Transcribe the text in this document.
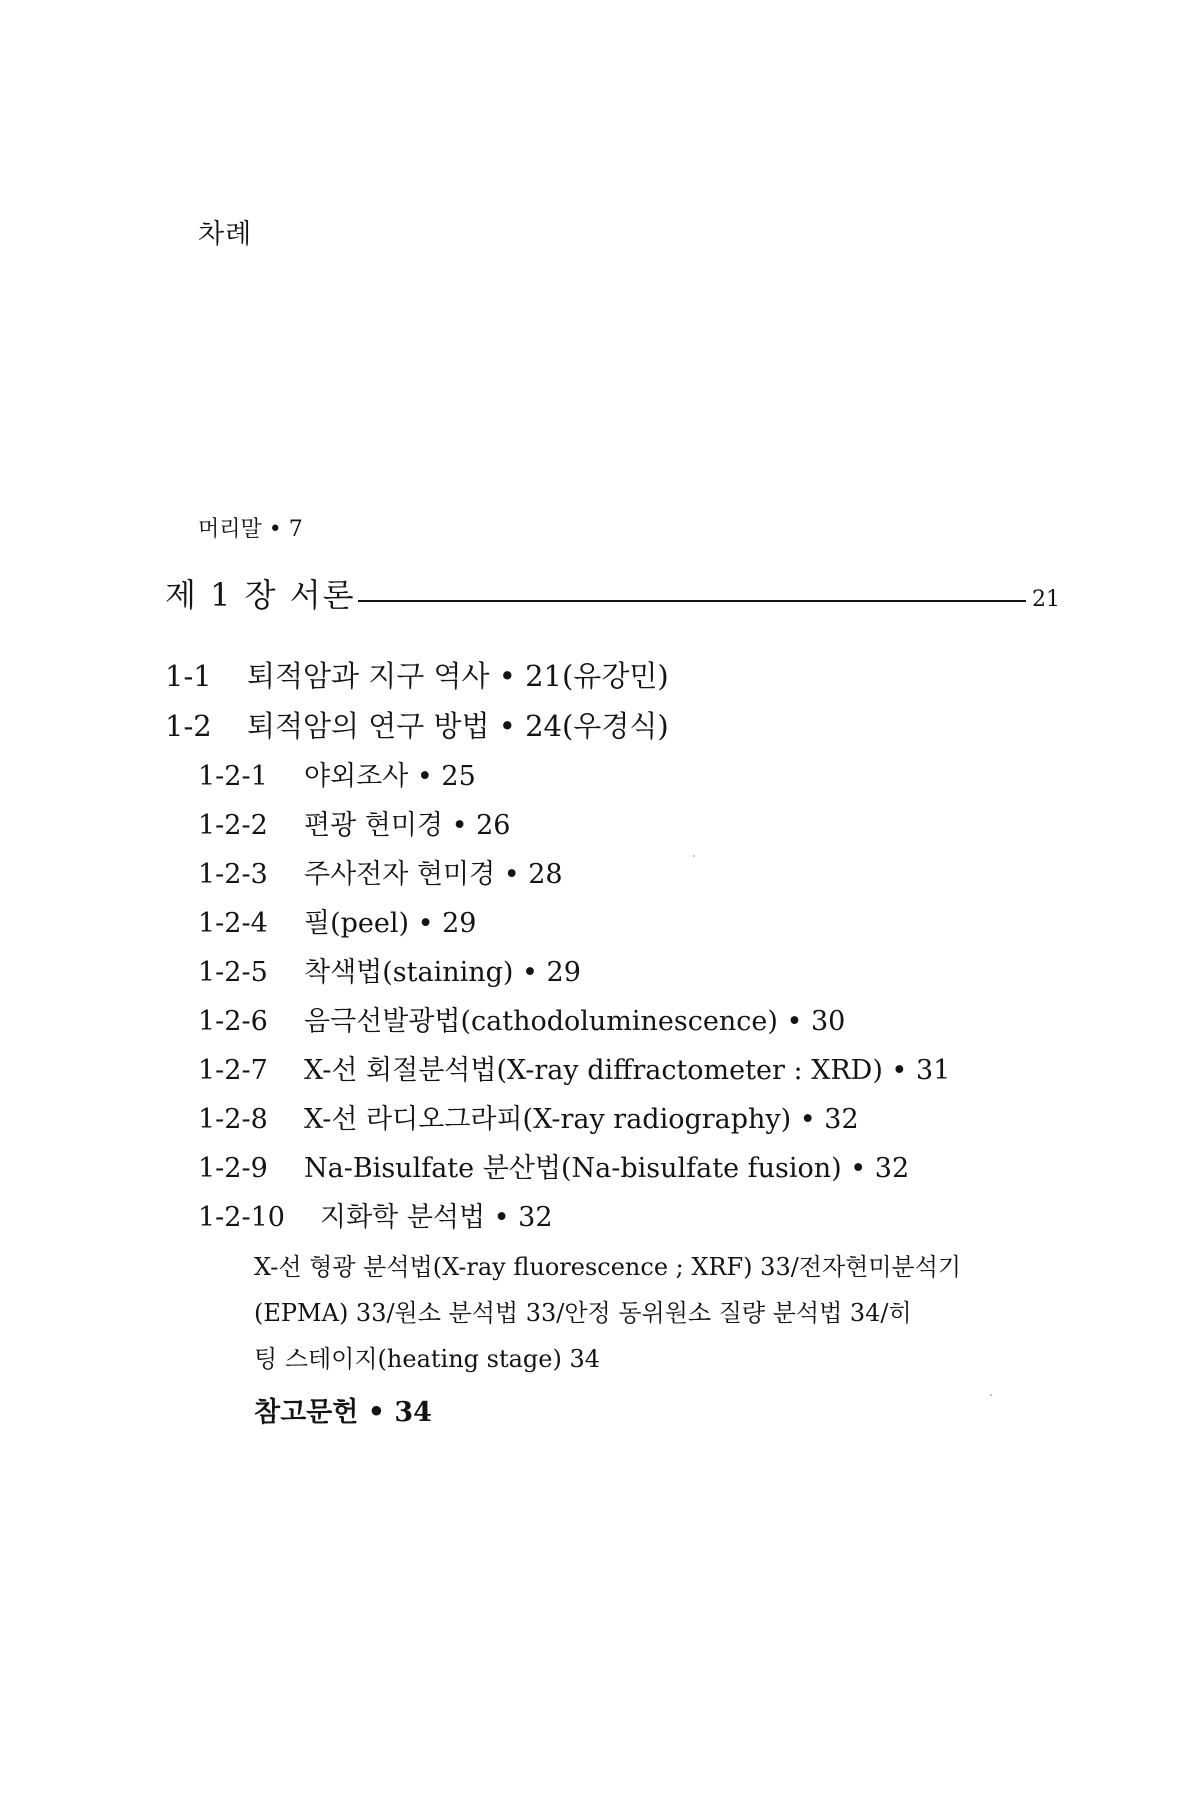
차례
머리말 • 7
제 1 장 서론	21
1-1 퇴적암과 지구 역사 • 21(유강민)
1-2 퇴적암의 연구 방법 • 24(우경식)
1-2-1 야외조사 • 25
1-2-2 편광 현미경 • 26
1-2-3 주사전자 현미경 • 28
1-2-4 필(peel) • 29
1-2-5 착색법(staining) • 29
1-2-6 음극선발광법(cathodoluminescence) • 30
1-2-7 X-선 회절분석법(X-ray diffractometer : XRD) • 31
1-2-8 X-선 라디오그라피(X-ray radiography) • 32
1-2-9 Na-Bisulfate 분산법(Na-bisulfate fusion) • 32
1-2-10 지화학 분석법 • 32
X-선 형광 분석법(X-ray fluorescence ; XRF) 33/전자현미분석기
(EPMA) 33/원소 분석법 33/안정 동위원소 질량 분석법 34/히
팅 스테이지(heating stage) 34
참고문헌 • 34
